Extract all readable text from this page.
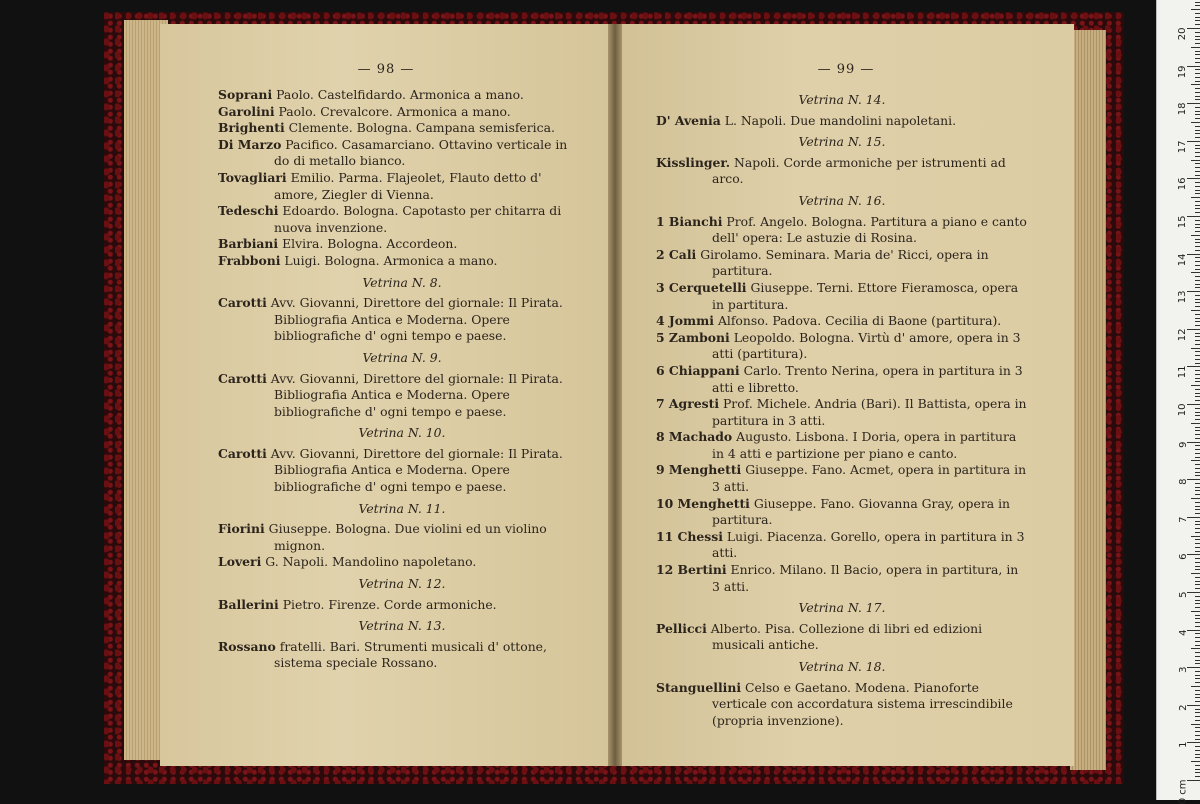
— 98 —

Soprani Paolo. Castelfidardo. Armonica a mano.

Garolini Paolo. Crevalcore. Armonica a mano.

Brighenti Clemente. Bologna. Campana semisferica.

Di Marzo Pacifico. Casamarciano. Ottavino verticale in do di metallo bianco.

Tovagliari Emilio. Parma. Flajeolet, Flauto detto d' amore, Ziegler di Vienna.

Tedeschi Edoardo. Bologna. Capotasto per chitarra di nuova invenzione.

Barbiani Elvira. Bologna. Accordeon.

Frabboni Luigi. Bologna. Armonica a mano.

Vetrina N. 8.

Carotti Avv. Giovanni, Direttore del giornale: Il Pirata. Bibliografia Antica e Moderna. Opere bibliografiche d' ogni tempo e paese.

Vetrina N. 9.

Carotti Avv. Giovanni, Direttore del giornale: Il Pirata. Bibliografia Antica e Moderna. Opere bibliografiche d' ogni tempo e paese.

Vetrina N. 10.

Carotti Avv. Giovanni, Direttore del giornale: Il Pirata. Bibliografia Antica e Moderna. Opere bibliografiche d' ogni tempo e paese.

Vetrina N. 11.

Fiorini Giuseppe. Bologna. Due violini ed un violino mignon.

Loveri G. Napoli. Mandolino napoletano.

Vetrina N. 12.

Ballerini Pietro. Firenze. Corde armoniche.

Vetrina N. 13.

Rossano fratelli. Bari. Strumenti musicali d' ottone, sistema speciale Rossano.

— 99 —

Vetrina N. 14.

D' Avenia L. Napoli. Due mandolini napoletani.

Vetrina N. 15.

Kisslinger. Napoli. Corde armoniche per istrumenti ad arco.

Vetrina N. 16.

1 Bianchi Prof. Angelo. Bologna. Partitura a piano e canto dell' opera: Le astuzie di Rosina.

2 Cali Girolamo. Seminara. Maria de' Ricci, opera in partitura.

3 Cerquetelli Giuseppe. Terni. Ettore Fieramosca, opera in partitura.

4 Jommi Alfonso. Padova. Cecilia di Baone (partitura).

5 Zamboni Leopoldo. Bologna. Virtù d' amore, opera in 3 atti (partitura).

6 Chiappani Carlo. Trento Nerina, opera in partitura in 3 atti e libretto.

7 Agresti Prof. Michele. Andria (Bari). Il Battista, opera in partitura in 3 atti.

8 Machado Augusto. Lisbona. I Doria, opera in partitura in 4 atti e partizione per piano e canto.

9 Menghetti Giuseppe. Fano. Acmet, opera in partitura in 3 atti.

10 Menghetti Giuseppe. Fano. Giovanna Gray, opera in partitura.

11 Chessi Luigi. Piacenza. Gorello, opera in partitura in 3 atti.

12 Bertini Enrico. Milano. Il Bacio, opera in partitura, in 3 atti.

Vetrina N. 17.

Pellicci Alberto. Pisa. Collezione di libri ed edizioni musicali antiche.

Vetrina N. 18.

Stanguellini Celso e Gaetano. Modena. Pianoforte verticale con accordatura sistema irrescindibile (propria invenzione).

0 cm
1
2
3
4
5
6
7
8
9
10
11
12
13
14
15
16
17
18
19
20
